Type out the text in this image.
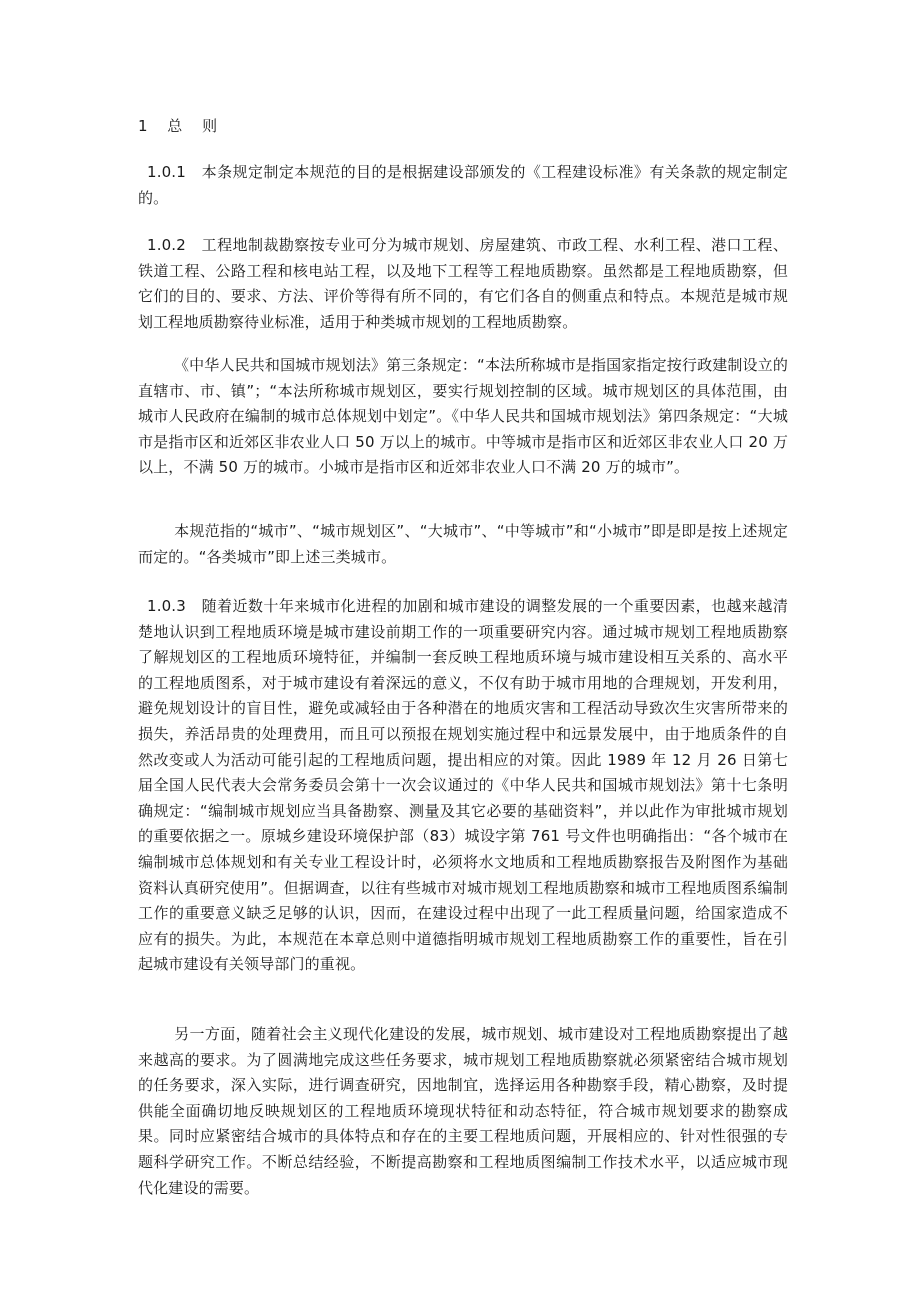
1　 总　 则
1.0.1　 本条规定制定本规范的目的是根据建设部颁发的《工程建设标准》有关条款的规定制定的。
1.0.2　 工程地制裁勘察按专业可分为城市规划、房屋建筑、市政工程、水利工程、港口工程、铁道工程、公路工程和核电站工程，以及地下工程等工程地质勘察。虽然都是工程地质勘察，但它们的目的、要求、方法、评价等得有所不同的，有它们各自的侧重点和特点。本规范是城市规划工程地质勘察待业标准，适用于种类城市规划的工程地质勘察。
《中华人民共和国城市规划法》第三条规定：“本法所称城市是指国家指定按行政建制设立的直辖市、市、镇”；“本法所称城市规划区，要实行规划控制的区域。城市规划区的具体范围，由城市人民政府在编制的城市总体规划中划定”。《中华人民共和国城市规划法》第四条规定：“大城市是指市区和近郊区非农业人口 50 万以上的城市。中等城市是指市区和近郊区非农业人口 20 万以上，不满 50 万的城市。小城市是指市区和近郊非农业人口不满 20 万的城市”。
本规范指的“城市”、“城市规划区”、“大城市”、“中等城市”和“小城市”即是即是按上述规定而定的。“各类城市”即上述三类城市。
1.0.3　 随着近数十年来城市化进程的加剧和城市建设的调整发展的一个重要因素，也越来越清楚地认识到工程地质环境是城市建设前期工作的一项重要研究内容。通过城市规划工程地质勘察了解规划区的工程地质环境特征，并编制一套反映工程地质环境与城市建设相互关系的、高水平的工程地质图系，对于城市建设有着深远的意义，不仅有助于城市用地的合理规划，开发利用，避免规划设计的盲目性，避免或减轻由于各种潜在的地质灾害和工程活动导致次生灾害所带来的损失，养活昂贵的处理费用，而且可以预报在规划实施过程中和远景发展中，由于地质条件的自然改变或人为活动可能引起的工程地质问题，提出相应的对策。因此 1989 年 12 月 26 日第七届全国人民代表大会常务委员会第十一次会议通过的《中华人民共和国城市规划法》第十七条明确规定：“编制城市规划应当具备勘察、测量及其它必要的基础资料”，并以此作为审批城市规划的重要依据之一。原城乡建设环境保护部（83）城设字第 761 号文件也明确指出：“各个城市在编制城市总体规划和有关专业工程设计时，必须将水文地质和工程地质勘察报告及附图作为基础资料认真研究使用”。但据调查，以往有些城市对城市规划工程地质勘察和城市工程地质图系编制工作的重要意义缺乏足够的认识，因而，在建设过程中出现了一此工程质量问题，给国家造成不应有的损失。为此，本规范在本章总则中道德指明城市规划工程地质勘察工作的重要性，旨在引起城市建设有关领导部门的重视。
另一方面，随着社会主义现代化建设的发展，城市规划、城市建设对工程地质勘察提出了越来越高的要求。为了圆满地完成这些任务要求，城市规划工程地质勘察就必须紧密结合城市规划的任务要求，深入实际，进行调查研究，因地制宜，选择运用各种勘察手段，精心勘察，及时提供能全面确切地反映规划区的工程地质环境现状特征和动态特征，符合城市规划要求的勘察成果。同时应紧密结合城市的具体特点和存在的主要工程地质问题，开展相应的、针对性很强的专题科学研究工作。不断总结经验，不断提高勘察和工程地质图编制工作技术水平，以适应城市现代化建设的需要。
